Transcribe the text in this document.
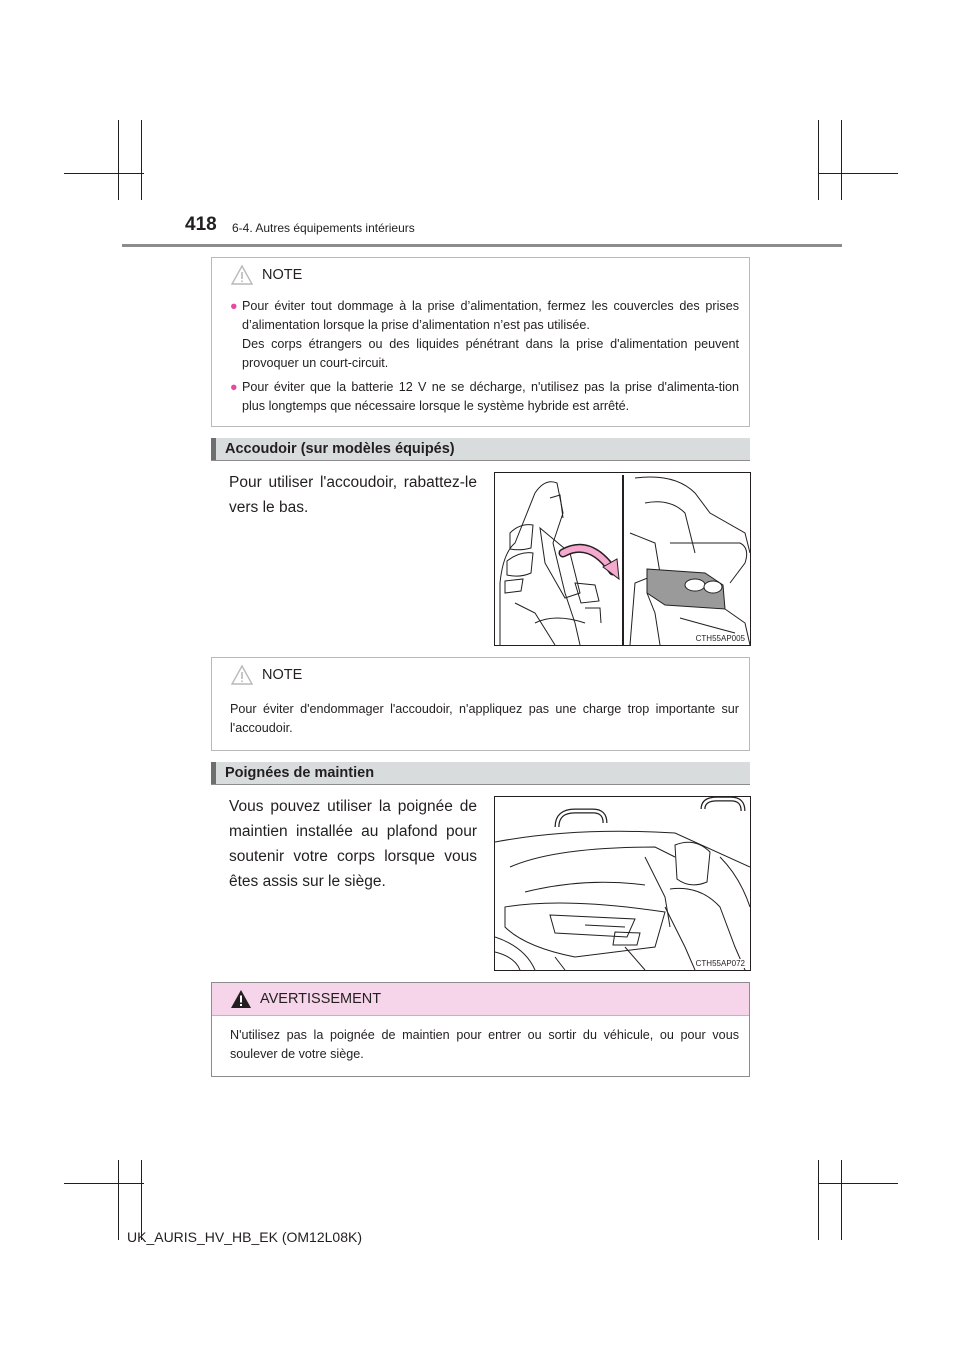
418 6-4. Autres équipements intérieurs
NOTE
● Pour éviter tout dommage à la prise d’alimentation, fermez les couvercles des prises d’alimentation lorsque la prise d’alimentation n’est pas utilisée.
Des corps étrangers ou des liquides pénétrant dans la prise d'alimentation peuvent provoquer un court-circuit.
● Pour éviter que la batterie 12 V ne se décharge, n'utilisez pas la prise d'alimenta-tion plus longtemps que nécessaire lorsque le système hybride est arrêté.
Accoudoir (sur modèles équipés)
Pour utiliser l'accoudoir, rabattez-le vers le bas.
CTH55AP005
NOTE
Pour éviter d'endommager l'accoudoir, n'appliquez pas une charge trop importante sur l'accoudoir.
Poignées de maintien
Vous pouvez utiliser la poignée de maintien installée au plafond pour soutenir votre corps lorsque vous êtes assis sur le siège.
CTH55AP072
AVERTISSEMENT
N'utilisez pas la poignée de maintien pour entrer ou sortir du véhicule, ou pour vous soulever de votre siège.
UK_AURIS_HV_HB_EK (OM12L08K)
